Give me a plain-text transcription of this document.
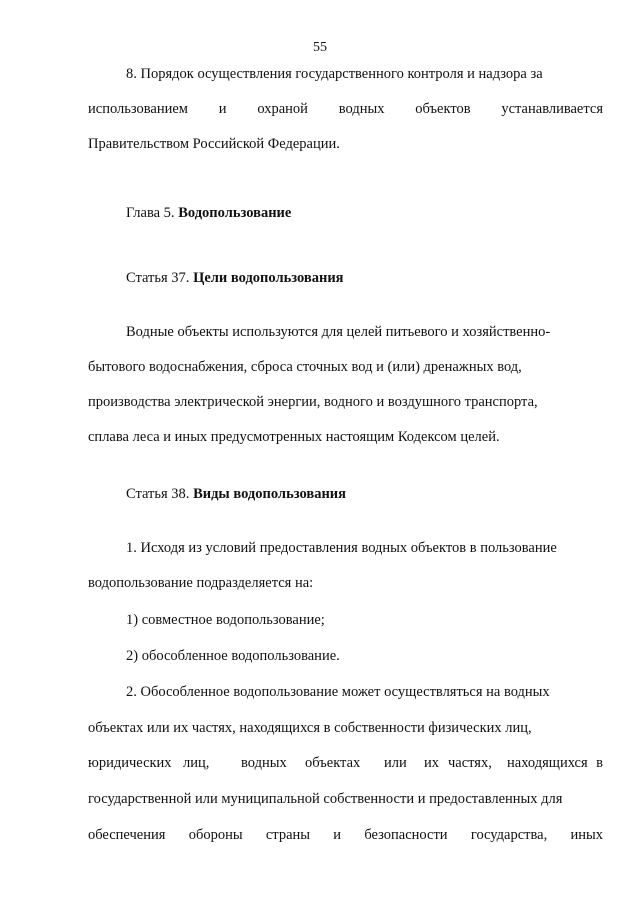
55
8. Порядок осуществления государственного контроля и надзора за
использованием и охраной водных объектов устанавливается
Правительством Российской Федерации.
Глава 5. Водопользование
Статья 37. Цели водопользования
Водные объекты используются для целей питьевого и хозяйственно-
бытового водоснабжения, сброса сточных вод и (или) дренажных вод,
производства электрической энергии, водного и воздушного транспорта,
сплава леса и иных предусмотренных настоящим Кодексом целей.
Статья 38. Виды водопользования
1. Исходя из условий предоставления водных объектов в пользование
водопользование подразделяется на:
1) совместное водопользование;
2) обособленное водопользование.
2. Обособленное водопользование может осуществляться на водных
объектах или их частях, находящихся в собственности физических лиц,
юридических лиц, водных объектах или их частях, находящихся в
государственной или муниципальной собственности и предоставленных для
обеспечения обороны страны и безопасности государства, иных
